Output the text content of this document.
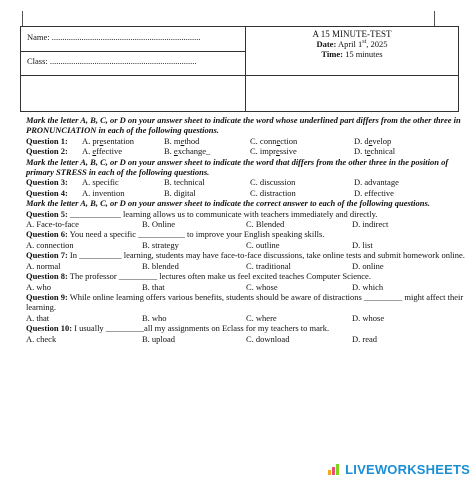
Name: ......................................................................
Class: .....................................................................
A 15 MINUTE-TEST
Date: April 1st, 2025
Time: 15 minutes

Mark the letter A, B, C, or D on your answer sheet to indicate the word whose underlined part differs from the other three in PRONUNCIATION in each of the following questions.

Question 1:	A. presentation	B. method	C. connection	D. develop
Question 2:	A. effective	B. exchange_	C. impressive	D. technical

Mark the letter A, B, C, or D on your answer sheet to indicate the word that differs from the other three in the position of primary STRESS in each of the following questions.

Question 3:	A. specific	B. technical	C. discussion	D. advantage
Question 4:	A. invention	B. digital	C. distraction	D. effective

Mark the letter A, B, C, or D on your answer sheet to indicate the correct answer to each of the following questions.

Question 5: ____________ learning allows us to communicate with teachers immediately and directly.

A. Face-to-face	B. Online	C. Blended	D. indirect

Question 6: You need a specific ___________ to improve your English speaking skills.

A. connection	B. strategy	C. outline	D. list

Question 7: In __________ learning, students may have face-to-face discussions, take online tests and submit homework online.

A. normal	B. blended	C. traditional	D. online

Question 8: The professor _________ lectures often make us feel excited teaches Computer Science.

A. who	B. that	C. whose	D. which

Question 9: While online learning offers various benefits, students should be aware of distractions _________ might affect their learning.

A. that	B. who	C. where	D. whose

Question 10: I usually _________all my assignments on Eclass for my teachers to mark.

A. check	B. upload	C. download	D. read
LIVEWORKSHEETS
